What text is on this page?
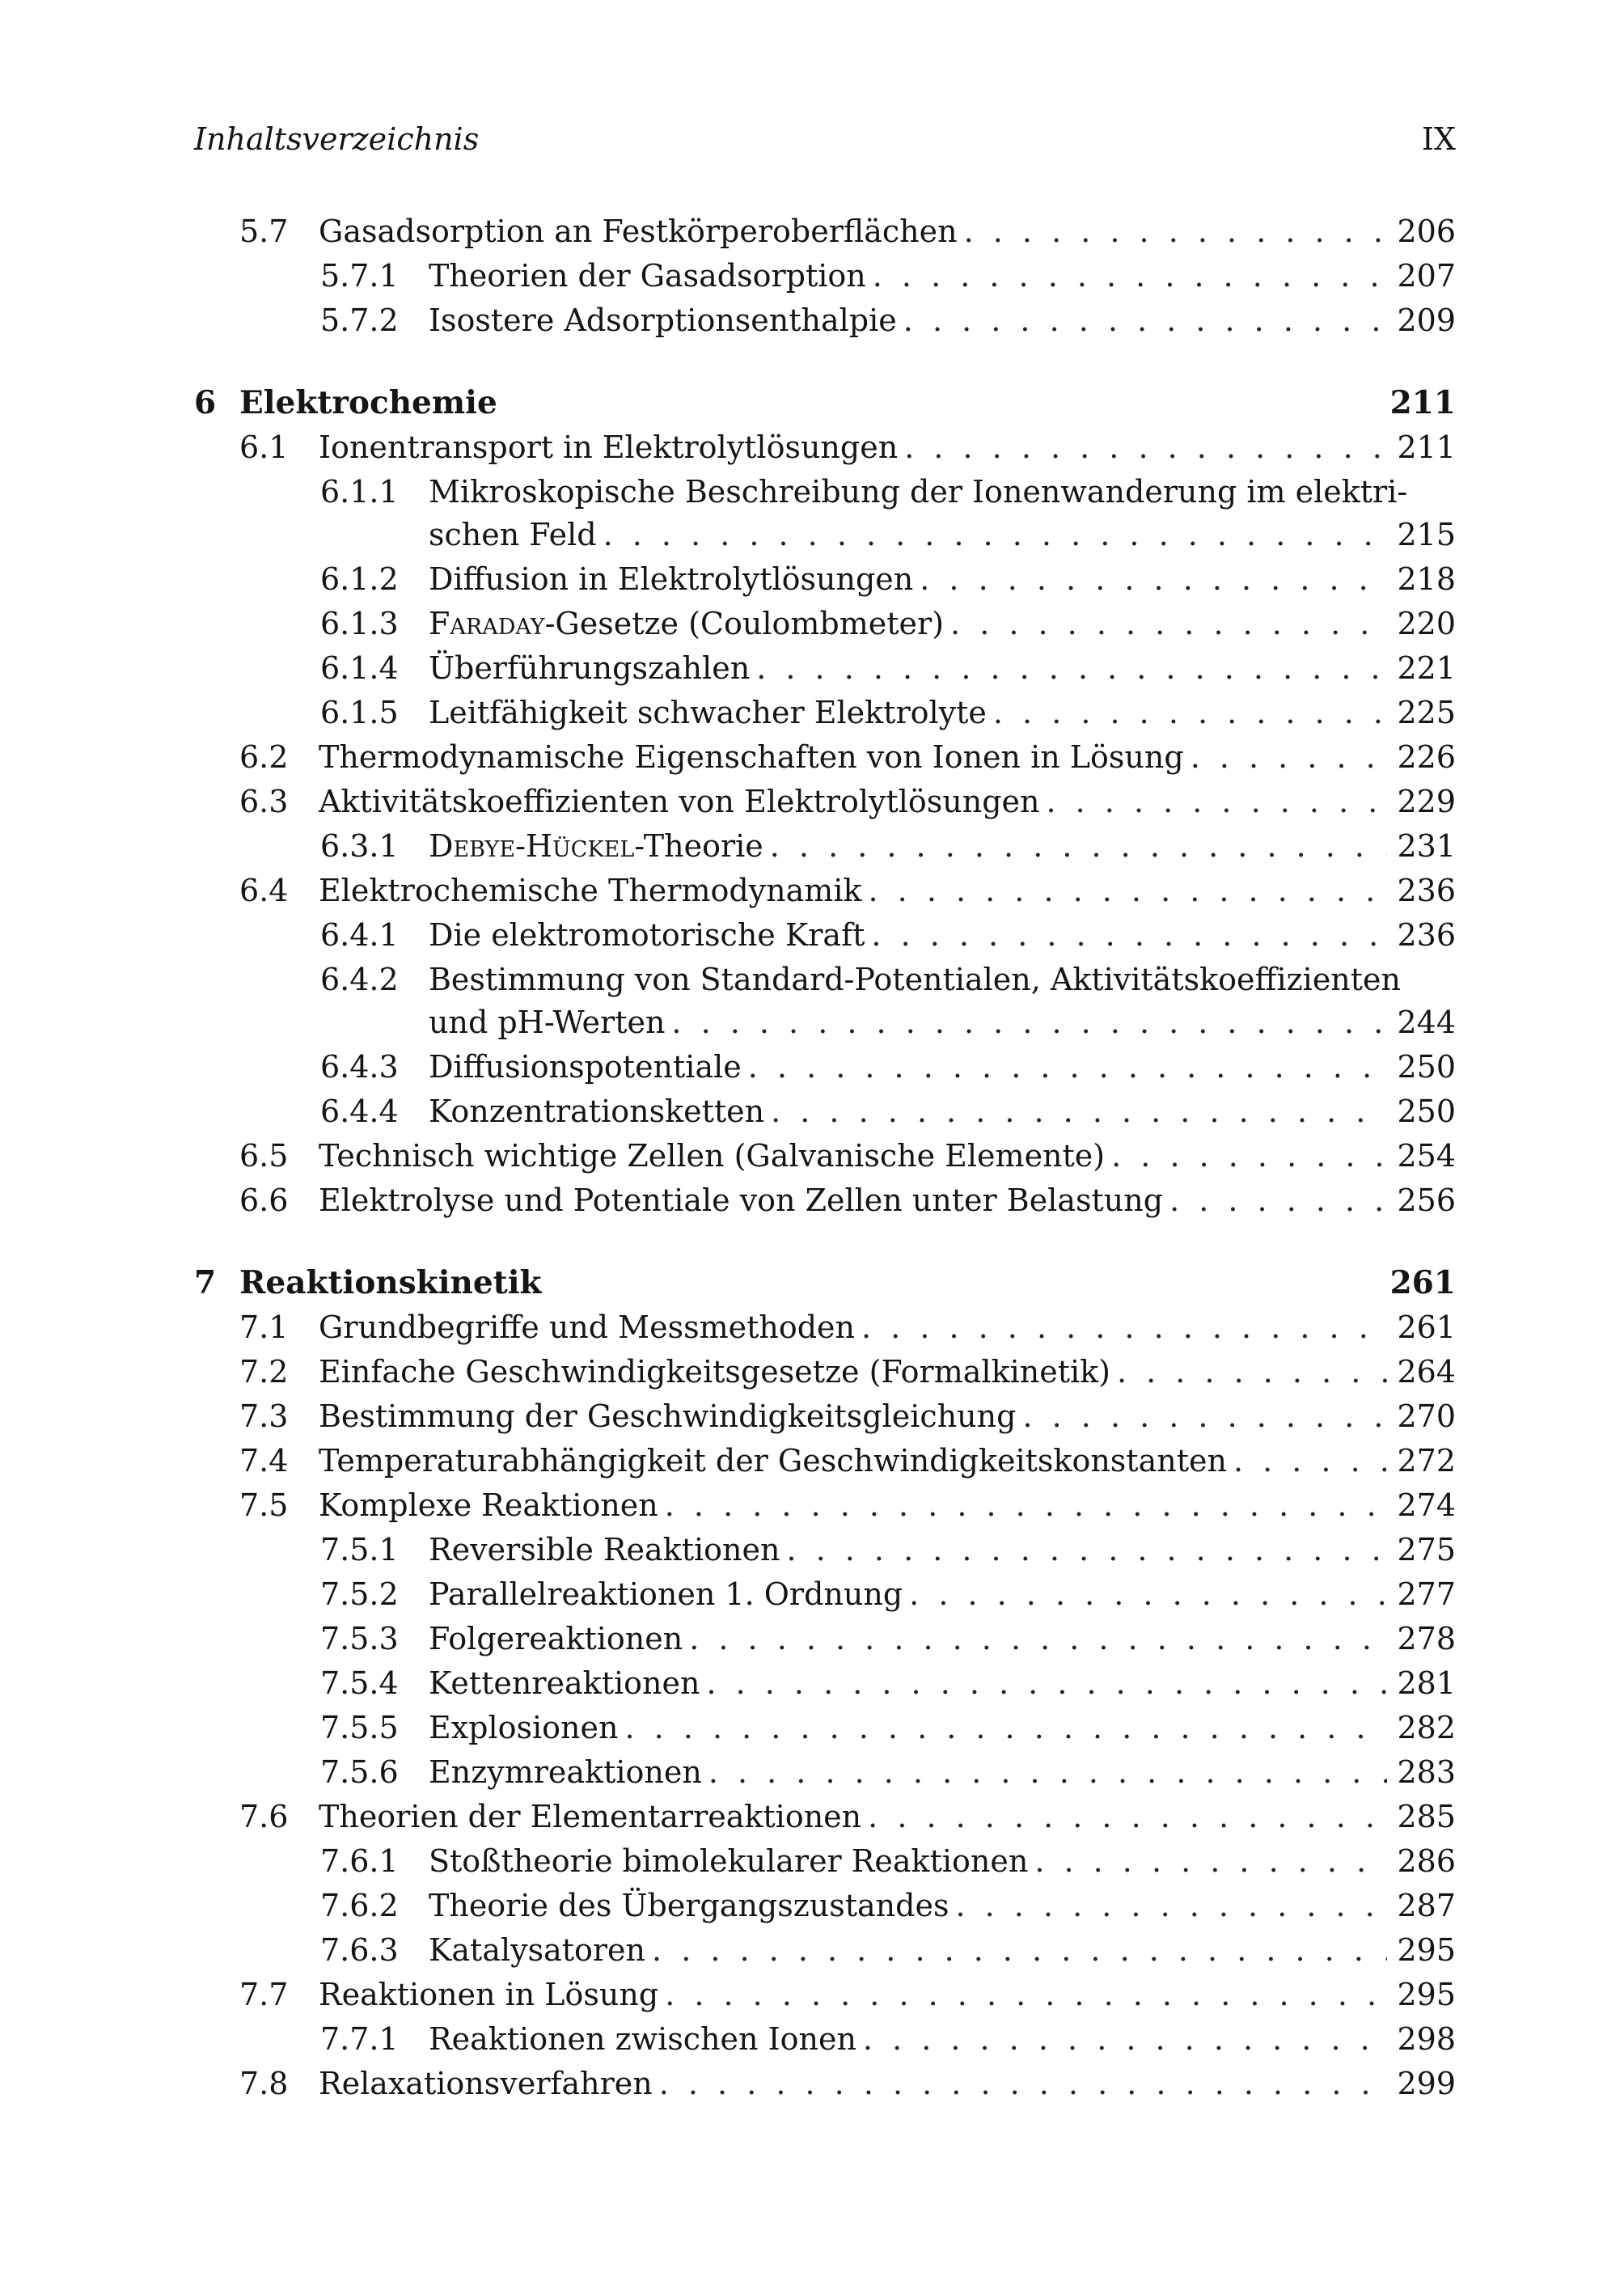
Inhaltsverzeichnis	IX
5.7 Gasadsorption an Festkörperoberflächen . . .	206
5.7.1 Theorien der Gasadsorption . . .	207
5.7.2 Isostere Adsorptionsenthalpie . . .	209
6 Elektrochemie	211
6.1 Ionentransport in Elektrolytlösungen . . .	211
6.1.1 Mikroskopische Beschreibung der Ionenwanderung im elektri-
schen Feld . . .	215
6.1.2 Diffusion in Elektrolytlösungen . . .	218
6.1.3 Faraday-Gesetze (Coulombmeter) . . .	220
6.1.4 Überführungszahlen . . .	221
6.1.5 Leitfähigkeit schwacher Elektrolyte . . .	225
6.2 Thermodynamische Eigenschaften von Ionen in Lösung . . .	226
6.3 Aktivitätskoeffizienten von Elektrolytlösungen . . .	229
6.3.1 Debye-Hückel-Theorie . . .	231
6.4 Elektrochemische Thermodynamik . . .	236
6.4.1 Die elektromotorische Kraft . . .	236
6.4.2 Bestimmung von Standard-Potentialen, Aktivitätskoeffizienten
und pH-Werten . . .	244
6.4.3 Diffusionspotentiale . . .	250
6.4.4 Konzentrationsketten . . .	250
6.5 Technisch wichtige Zellen (Galvanische Elemente) . . .	254
6.6 Elektrolyse und Potentiale von Zellen unter Belastung . . .	256
7 Reaktionskinetik	261
7.1 Grundbegriffe und Messmethoden . . .	261
7.2 Einfache Geschwindigkeitsgesetze (Formalkinetik) . . .	264
7.3 Bestimmung der Geschwindigkeitsgleichung . . .	270
7.4 Temperaturabhängigkeit der Geschwindigkeitskonstanten . . .	272
7.5 Komplexe Reaktionen . . .	274
7.5.1 Reversible Reaktionen . . .	275
7.5.2 Parallelreaktionen 1. Ordnung . . .	277
7.5.3 Folgereaktionen . . .	278
7.5.4 Kettenreaktionen . . .	281
7.5.5 Explosionen . . .	282
7.5.6 Enzymreaktionen . . .	283
7.6 Theorien der Elementarreaktionen . . .	285
7.6.1 Stoßtheorie bimolekularer Reaktionen . . .	286
7.6.2 Theorie des Übergangszustandes . . .	287
7.6.3 Katalysatoren . . .	295
7.7 Reaktionen in Lösung . . .	295
7.7.1 Reaktionen zwischen Ionen . . .	298
7.8 Relaxationsverfahren . . .	299
